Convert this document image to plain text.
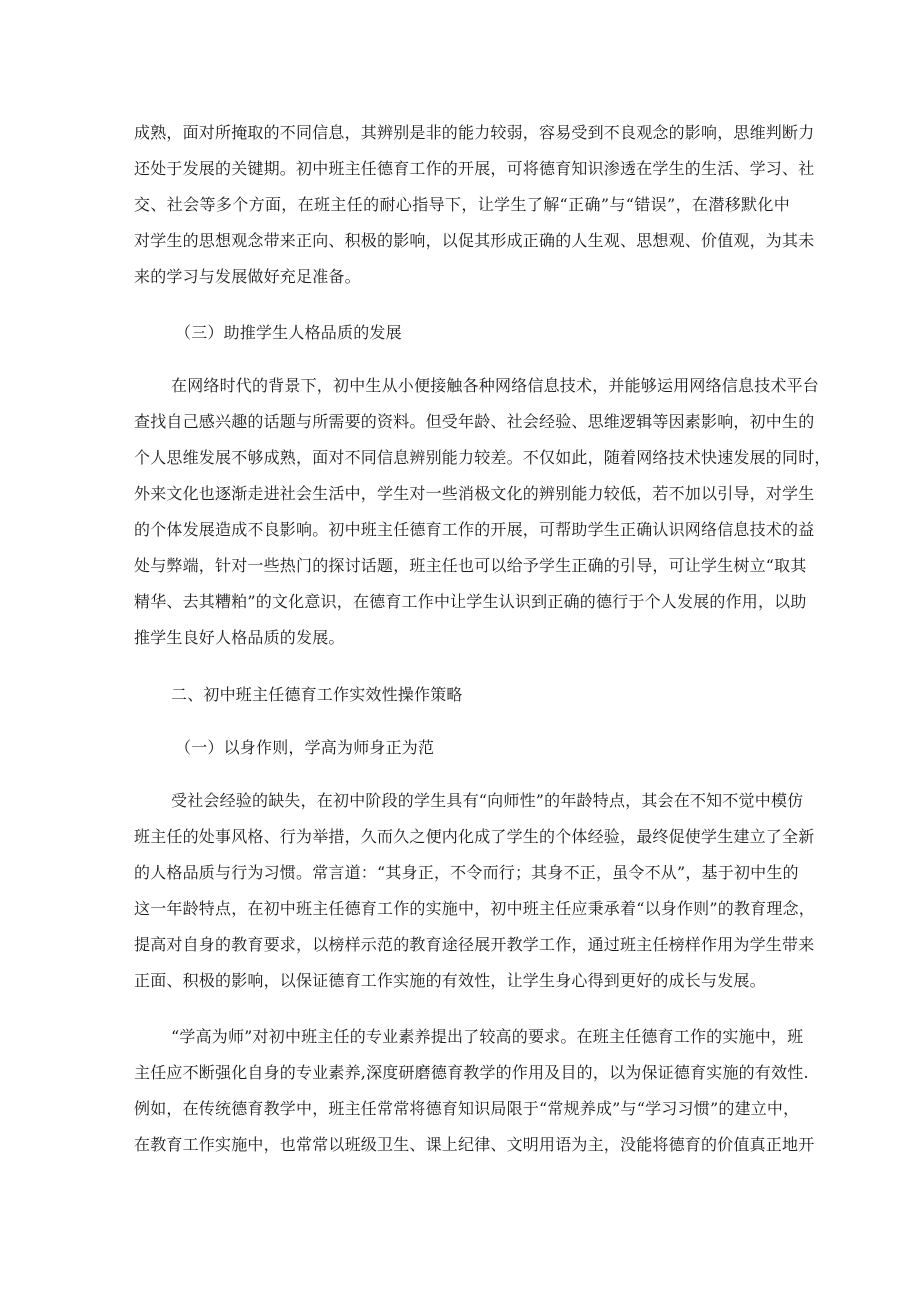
成熟，面对所掩取的不同信息，其辨别是非的能力较弱，容易受到不良观念的影响，思维判断力
还处于发展的关键期。初中班主任德育工作的开展，可将德育知识渗透在学生的生活、学习、社
交、社会等多个方面，在班主任的耐心指导下，让学生了解“正确”与“错误”，在潜移默化中
对学生的思想观念带来正向、积极的影响，以促其形成正确的人生观、思想观、价值观，为其未
来的学习与发展做好充足准备。
（三）助推学生人格品质的发展
在网络时代的背景下，初中生从小便接触各种网络信息技术，并能够运用网络信息技术平台
查找自己感兴趣的话题与所需要的资料。但受年龄、社会经验、思维逻辑等因素影响，初中生的
个人思维发展不够成熟，面对不同信息辨别能力较差。不仅如此，随着网络技术快速发展的同时，
外来文化也逐渐走进社会生活中，学生对一些消极文化的辨别能力较低，若不加以引导，对学生
的个体发展造成不良影响。初中班主任德育工作的开展，可帮助学生正确认识网络信息技术的益
处与弊端，针对一些热门的探讨话题，班主任也可以给予学生正确的引导，可让学生树立“取其
精华、去其糟粕”的文化意识，在德育工作中让学生认识到正确的德行于个人发展的作用，以助
推学生良好人格品质的发展。
二、初中班主任德育工作实效性操作策略
（一）以身作则，学高为师身正为范
受社会经验的缺失，在初中阶段的学生具有“向师性”的年龄特点，其会在不知不觉中模仿
班主任的处事风格、行为举措，久而久之便内化成了学生的个体经验，最终促使学生建立了全新
的人格品质与行为习惯。常言道：“其身正，不令而行；其身不正，虽令不从”，基于初中生的
这一年龄特点，在初中班主任德育工作的实施中，初中班主任应秉承着“以身作则”的教育理念，
提高对自身的教育要求，以榜样示范的教育途径展开教学工作，通过班主任榜样作用为学生带来
正面、积极的影响，以保证德育工作实施的有效性，让学生身心得到更好的成长与发展。
“学高为师”对初中班主任的专业素养提出了较高的要求。在班主任德育工作的实施中，班
主任应不断强化自身的专业素养,深度研磨德育教学的作用及目的，以为保证德育实施的有效性.
例如，在传统德育教学中，班主任常常将德育知识局限于“常规养成”与“学习习惯”的建立中，
在教育工作实施中，也常常以班级卫生、课上纪律、文明用语为主，没能将德育的价值真正地开
